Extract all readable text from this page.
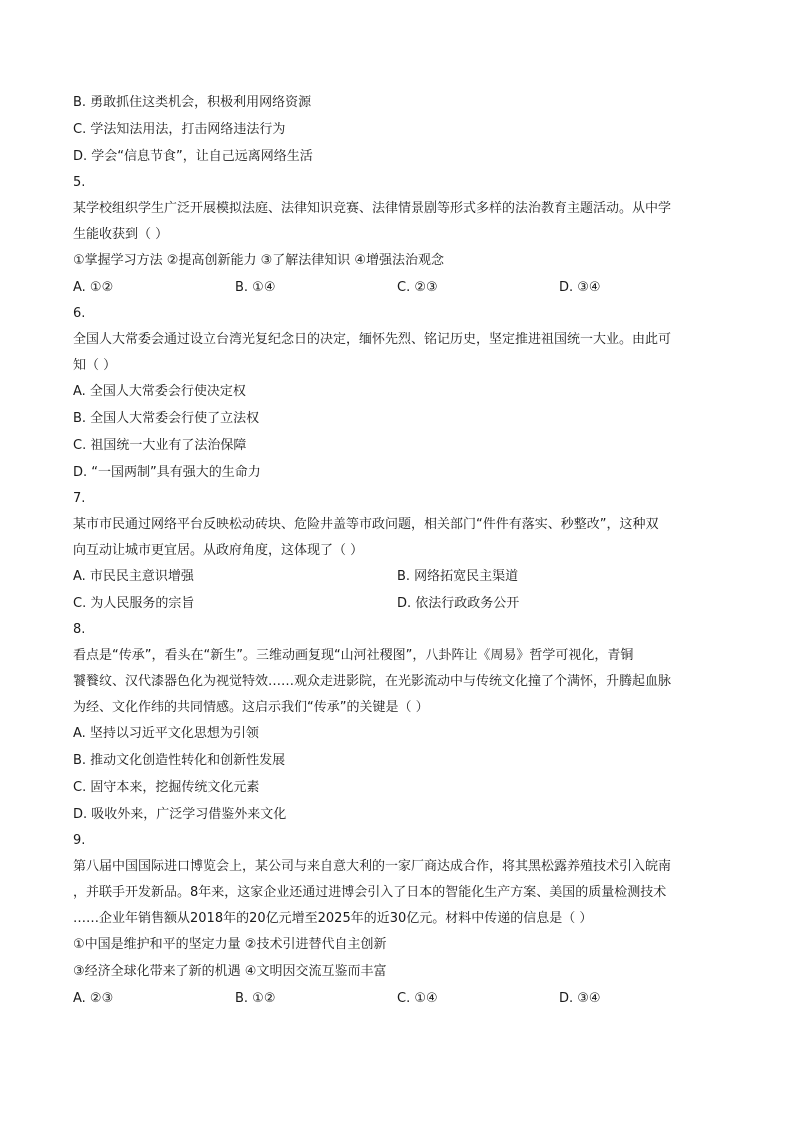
B. 勇敢抓住这类机会，积极利用网络资源
C. 学法知法用法，打击网络违法行为
D. 学会“信息节食”，让自己远离网络生活
5.
某学校组织学生广泛开展模拟法庭、法律知识竞赛、法律情景剧等形式多样的法治教育主题活动。从中学
生能收获到（ ）
①掌握学习方法 ②提高创新能力 ③了解法律知识 ④增强法治观念
A. ①②	B. ①④	C. ②③	D. ③④
6.
全国人大常委会通过设立台湾光复纪念日的决定，缅怀先烈、铭记历史，坚定推进祖国统一大业。由此可
知（ ）
A. 全国人大常委会行使决定权
B. 全国人大常委会行使了立法权
C. 祖国统一大业有了法治保障
D. “一国两制”具有强大的生命力
7.
某市市民通过网络平台反映松动砖块、危险井盖等市政问题，相关部门“件件有落实、秒整改”，这种双
向互动让城市更宜居。从政府角度，这体现了（ ）
A. 市民民主意识增强	B. 网络拓宽民主渠道
C. 为人民服务的宗旨	D. 依法行政政务公开
8.
看点是“传承”，看头在“新生”。三维动画复现“山河社稷图”，八卦阵让《周易》哲学可视化，青铜
饕餮纹、汉代漆器色化为视觉特效……观众走进影院，在光影流动中与传统文化撞了个满怀，升腾起血脉
为经、文化作纬的共同情感。这启示我们“传承”的关键是（ ）
A. 坚持以习近平文化思想为引领
B. 推动文化创造性转化和创新性发展
C. 固守本来，挖掘传统文化元素
D. 吸收外来，广泛学习借鉴外来文化
9.
第八届中国国际进口博览会上，某公司与来自意大利的一家厂商达成合作，将其黑松露养殖技术引入皖南
，并联手开发新品。8年来，这家企业还通过进博会引入了日本的智能化生产方案、美国的质量检测技术
……企业年销售额从2018年的20亿元增至2025年的近30亿元。材料中传递的信息是（ ）
①中国是维护和平的坚定力量 ②技术引进替代自主创新
③经济全球化带来了新的机遇 ④文明因交流互鉴而丰富
A. ②③	B. ①②	C. ①④	D. ③④
